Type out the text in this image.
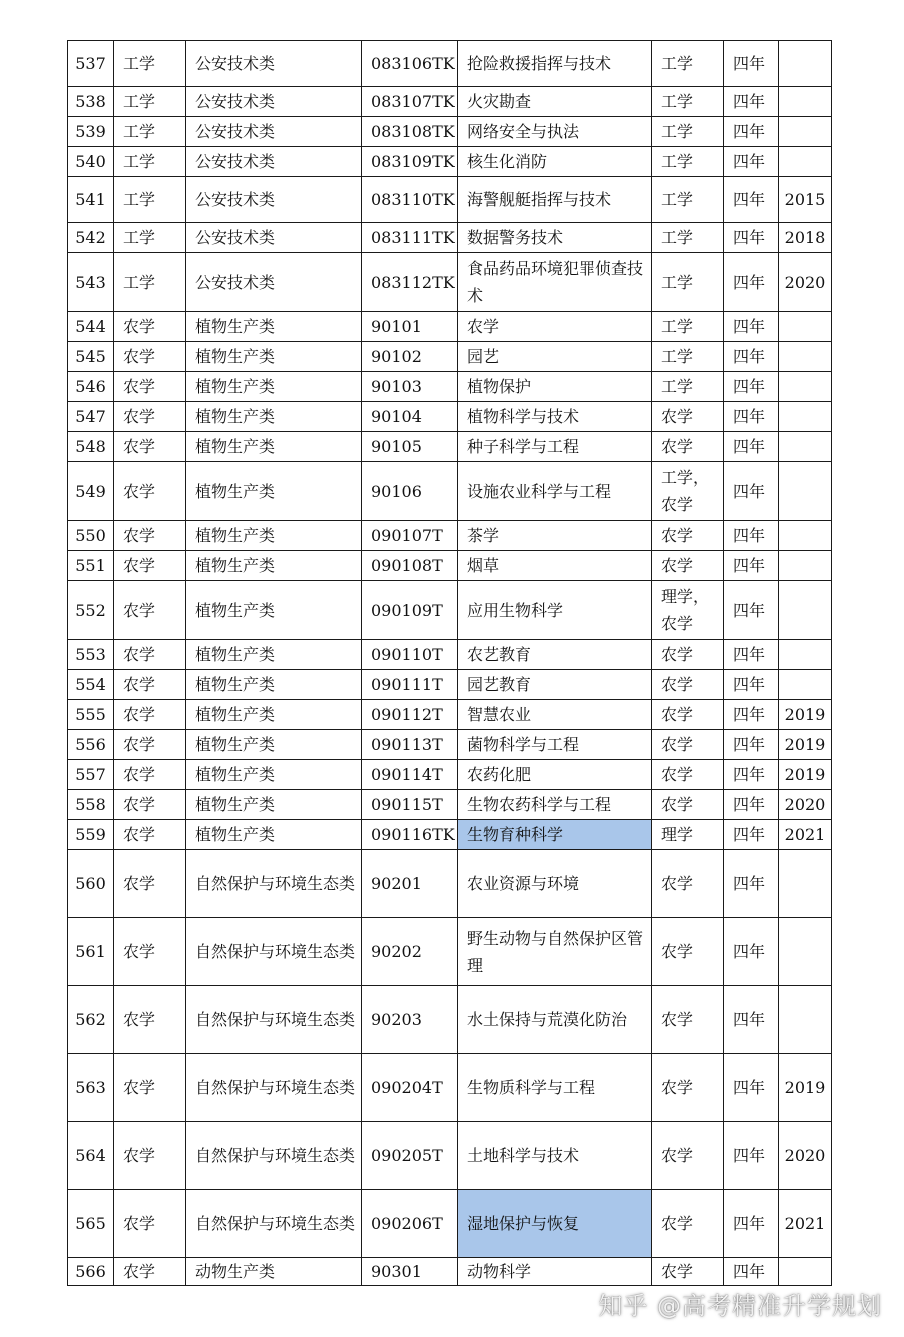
537	工学	公安技术类	083106TK	抢险救援指挥与技术	工学	四年	
538	工学	公安技术类	083107TK	火灾勘查	工学	四年	
539	工学	公安技术类	083108TK	网络安全与执法	工学	四年	
540	工学	公安技术类	083109TK	核生化消防	工学	四年	
541	工学	公安技术类	083110TK	海警舰艇指挥与技术	工学	四年	2015
542	工学	公安技术类	083111TK	数据警务技术	工学	四年	2018
543	工学	公安技术类	083112TK	食品药品环境犯罪侦查技术	工学	四年	2020
544	农学	植物生产类	90101	农学	工学	四年	
545	农学	植物生产类	90102	园艺	工学	四年	
546	农学	植物生产类	90103	植物保护	工学	四年	
547	农学	植物生产类	90104	植物科学与技术	农学	四年	
548	农学	植物生产类	90105	种子科学与工程	农学	四年	
549	农学	植物生产类	90106	设施农业科学与工程	工学，农学	四年	
550	农学	植物生产类	090107T	茶学	农学	四年	
551	农学	植物生产类	090108T	烟草	农学	四年	
552	农学	植物生产类	090109T	应用生物科学	理学，农学	四年	
553	农学	植物生产类	090110T	农艺教育	农学	四年	
554	农学	植物生产类	090111T	园艺教育	农学	四年	
555	农学	植物生产类	090112T	智慧农业	农学	四年	2019
556	农学	植物生产类	090113T	菌物科学与工程	农学	四年	2019
557	农学	植物生产类	090114T	农药化肥	农学	四年	2019
558	农学	植物生产类	090115T	生物农药科学与工程	农学	四年	2020
559	农学	植物生产类	090116TK	生物育种科学	理学	四年	2021
560	农学	自然保护与环境生态类	90201	农业资源与环境	农学	四年	
561	农学	自然保护与环境生态类	90202	野生动物与自然保护区管理	农学	四年	
562	农学	自然保护与环境生态类	90203	水土保持与荒漠化防治	农学	四年	
563	农学	自然保护与环境生态类	090204T	生物质科学与工程	农学	四年	2019
564	农学	自然保护与环境生态类	090205T	土地科学与技术	农学	四年	2020
565	农学	自然保护与环境生态类	090206T	湿地保护与恢复	农学	四年	2021
566	农学	动物生产类	90301	动物科学	农学	四年	
知乎 @高考精准升学规划
